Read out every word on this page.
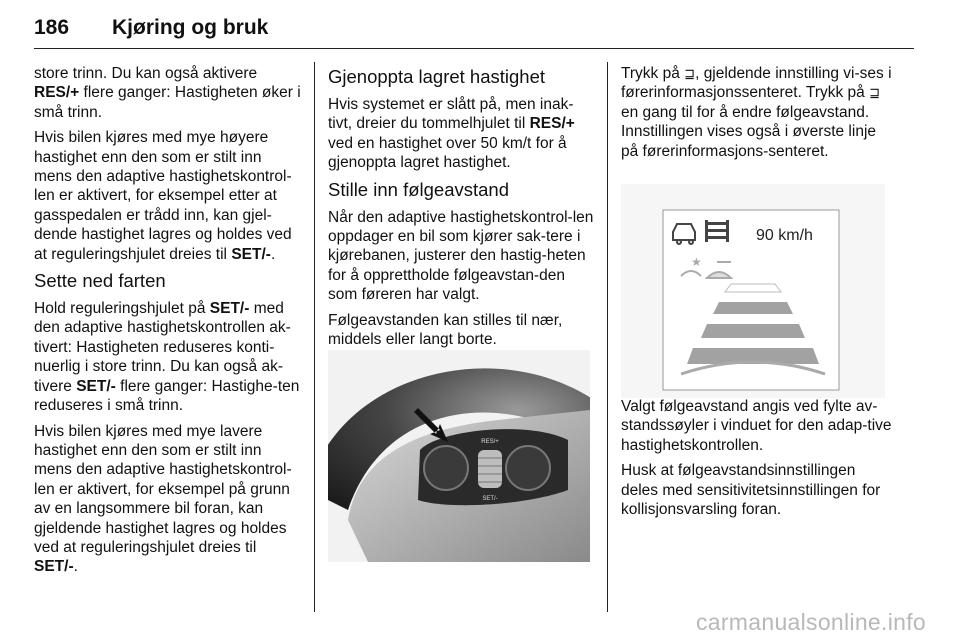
186 Kjøring og bruk

store trinn. Du kan også aktivere RES/+ flere ganger: Hastigheten øker i små trinn.

Hvis bilen kjøres med mye høyere hastighet enn den som er stilt inn mens den adaptive hastighetskontrol-len er aktivert, for eksempel etter at gasspedalen er trådd inn, kan gjel-dende hastighet lagres og holdes ved at reguleringshjulet dreies til SET/-.

Sette ned farten

Hold reguleringshjulet på SET/- med den adaptive hastighetskontrollen ak-tivert: Hastigheten reduseres konti-nuerlig i store trinn. Du kan også ak-tivere SET/- flere ganger: Hastighe-ten reduseres i små trinn.

Hvis bilen kjøres med mye lavere hastighet enn den som er stilt inn mens den adaptive hastighetskontrol-len er aktivert, for eksempel på grunn av en langsommere bil foran, kan gjeldende hastighet lagres og holdes ved at reguleringshjulet dreies til SET/-.

Gjenoppta lagret hastighet

Hvis systemet er slått på, men inak-tivt, dreier du tommelhjulet til RES/+ ved en hastighet over 50 km/t for å gjenoppta lagret hastighet.

Stille inn følgeavstand

Når den adaptive hastighetskontrol-len oppdager en bil som kjører sak-tere i kjørebanen, justerer den hastig-heten for å opprettholde følgeavstan-den som føreren har valgt.

Følgeavstanden kan stilles til nær, middels eller langt borte.

RES/+
SET/-

Trykk på ⊒, gjeldende innstilling vi-ses i førerinformasjonssenteret. Trykk på ⊒ en gang til for å endre følgeavstand. Innstillingen vises også i øverste linje på førerinformasjons-senteret.

Valgt følgeavstand angis ved fylte av-standssøyler i vinduet for den adap-tive hastighetskontrollen.

Husk at følgeavstandsinnstillingen deles med sensitivitetsinnstillingen for kollisjonsvarsling foran.

90 km/h
★
carmanualsonline.info
